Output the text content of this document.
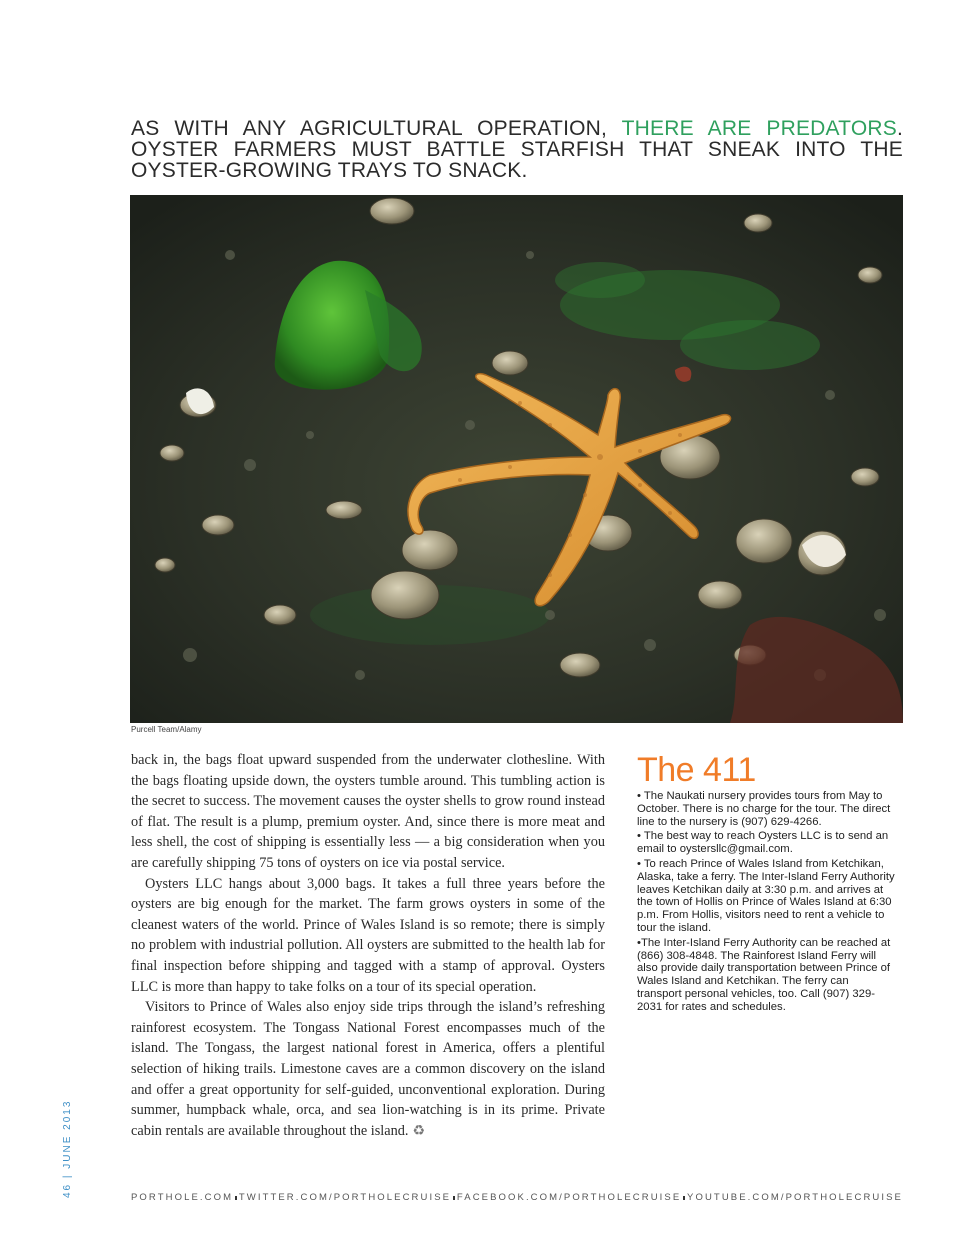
AS WITH ANY AGRICULTURAL OPERATION, THERE ARE PREDATORS. OYSTER FARMERS MUST BATTLE STARFISH THAT SNEAK INTO THE OYSTER-GROWING TRAYS TO SNACK.
Purcell Team/Alamy

back in, the bags float upward suspended from the underwater clothesline. With the bags floating upside down, the oysters tumble around. This tumbling action is the secret to success. The movement causes the oyster shells to grow round instead of flat. The result is a plump, premium oyster. And, since there is more meat and less shell, the cost of shipping is essentially less — a big consideration when you are carefully shipping 75 tons of oysters on ice via postal service.

Oysters LLC hangs about 3,000 bags. It takes a full three years before the oysters are big enough for the market. The farm grows oysters in some of the cleanest waters of the world. Prince of Wales Island is so remote; there is simply no problem with industrial pollution. All oysters are submitted to the health lab for final inspection before shipping and tagged with a stamp of approval. Oysters LLC is more than happy to take folks on a tour of its special operation.

Visitors to Prince of Wales also enjoy side trips through the island’s refreshing rainforest ecosystem. The Tongass National Forest encompasses much of the island. The Tongass, the largest national forest in America, offers a plentiful selection of hiking trails. Limestone caves are a common discovery on the island and offer a great opportunity for self-guided, unconventional exploration. During summer, humpback whale, orca, and sea lion-watching is in its prime. Private cabin rentals are available throughout the island. ♻

The 411

• The Naukati nursery provides tours from May to October. There is no charge for the tour. The direct line to the nursery is (907) 629-4266.

• The best way to reach Oysters LLC is to send an email to oystersllc@gmail.com.

• To reach Prince of Wales Island from Ketchikan, Alaska, take a ferry. The Inter-Island Ferry Authority leaves Ketchikan daily at 3:30 p.m. and arrives at the town of Hollis on Prince of Wales Island at 6:30 p.m. From Hollis, visitors need to rent a vehicle to tour the island.

•The Inter-Island Ferry Authority can be reached at (866) 308-4848. The Rainforest Island Ferry will also provide daily transportation between Prince of Wales Island and Ketchikan. The ferry can transport personal vehicles, too. Call (907) 329-2031 for rates and schedules.

46 | JUNE 2013	PORTHOLE.COM TWITTER.COM/PORTHOLECRUISE FACEBOOK.COM/PORTHOLECRUISE YOUTUBE.COM/PORTHOLECRUISE
